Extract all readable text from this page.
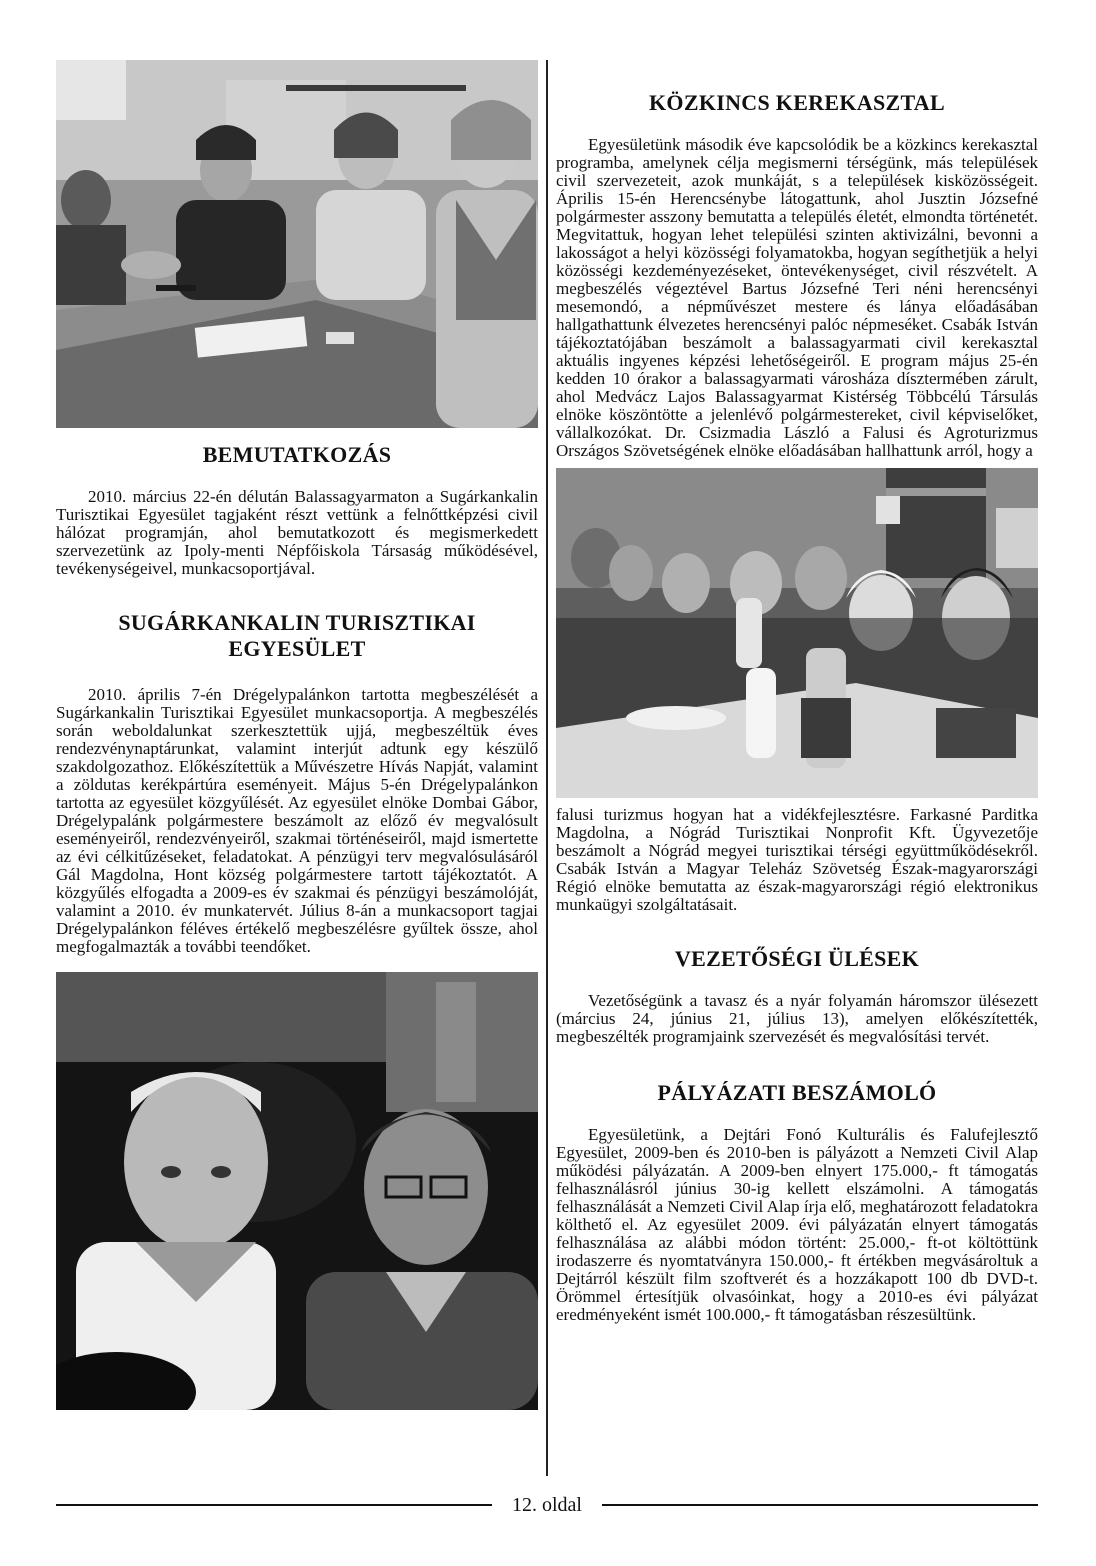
BEMUTATKOZÁS

2010. március 22-én délután Balassagyarmaton a Sugárkankalin Turisztikai Egyesület tagjaként részt vettünk a felnőttképzési civil hálózat programján, ahol bemutatkozott és megismerkedett szervezetünk az Ipoly-menti Népfőiskola Társaság működésével, tevékenységeivel, munkacsoportjával.

SUGÁRKANKALIN TURISZTIKAI
EGYESÜLET

2010. április 7-én Drégelypalánkon tartotta megbeszélését a Sugárkankalin Turisztikai Egyesület munkacsoportja. A megbeszélés során weboldalunkat szerkesztettük ujjá, megbeszéltük éves rendezvénynaptárunkat, valamint interjút adtunk egy készülő szakdolgozathoz. Előkészítettük a Művészetre Hívás Napját, valamint a zöldutas kerékpártúra eseményeit. Május 5-én Drégelypalánkon tartotta az egyesület közgyűlését. Az egyesület elnöke Dombai Gábor, Drégelypalánk polgármestere beszámolt az előző év megvalósult eseményeiről, rendezvényeiről, szakmai történéseiről, majd ismertette az évi célkitűzéseket, feladatokat. A pénzügyi terv megvalósulásáról Gál Magdolna, Hont község polgármestere tartott tájékoztatót. A közgyűlés elfogadta a 2009-es év szakmai és pénzügyi beszámolóját, valamint a 2010. év munkatervét. Július 8-án a munkacsoport tagjai Drégelypalánkon féléves értékelő megbeszélésre gyűltek össze, ahol megfogalmazták a további teendőket.

KÖZKINCS KEREKASZTAL

Egyesületünk második éve kapcsolódik be a közkincs kerekasztal programba, amelynek célja megismerni térségünk, más települések civil szervezeteit, azok munkáját, s a települések kisközösségeit. Április 15-én Herencsénybe látogattunk, ahol Jusztin Józsefné polgármester asszony bemutatta a település életét, elmondta történetét. Megvitattuk, hogyan lehet települési szinten aktivizálni, bevonni a lakosságot a helyi közösségi folyamatokba, hogyan segíthetjük a helyi közösségi kezdeményezéseket, öntevékenységet, civil részvételt. A megbeszélés végeztével Bartus Józsefné Teri néni herencsényi mesemondó, a népművészet mestere és lánya előadásában hallgathattunk élvezetes herencsényi palóc népmeséket. Csabák István tájékoztatójában beszámolt a balassagyarmati civil kerekasztal aktuális ingyenes képzési lehetőségeiről. E program május 25-én kedden 10 órakor a balassagyarmati városháza dísztermében zárult, ahol Medvácz Lajos Balassagyarmat Kistérség Többcélú Társulás elnöke köszöntötte a jelenlévő polgármestereket, civil képviselőket, vállalkozókat. Dr. Csizmadia László a Falusi és Agroturizmus Országos Szövetségének elnöke előadásában hallhattunk arról, hogy a

falusi turizmus hogyan hat a vidékfejlesztésre. Farkasné Parditka Magdolna, a Nógrád Turisztikai Nonprofit Kft. Ügyvezetője beszámolt a Nógrád megyei turisztikai térségi együttműködésekről. Csabák István a Magyar Teleház Szövetség Észak-magyarországi Régió elnöke bemutatta az észak-magyarországi régió elektronikus munkaügyi szolgáltatásait.

VEZETŐSÉGI ÜLÉSEK

Vezetőségünk a tavasz és a nyár folyamán háromszor ülésezett (március 24, június 21, július 13), amelyen előkészítették, megbeszélték programjaink szervezését és megvalósítási tervét.

PÁLYÁZATI BESZÁMOLÓ

Egyesületünk, a Dejtári Fonó Kulturális és Falufejlesztő Egyesület, 2009-ben és 2010-ben is pályázott a Nemzeti Civil Alap működési pályázatán. A 2009-ben elnyert 175.000,- ft támogatás felhasználásról június 30-ig kellett elszámolni. A támogatás felhasználását a Nemzeti Civil Alap írja elő, meghatározott feladatokra költhető el. Az egyesület 2009. évi pályázatán elnyert támogatás felhasználása az alábbi módon történt: 25.000,- ft-ot költöttünk irodaszerre és nyomtatványra 150.000,- ft értékben megvásároltuk a Dejtárról készült film szoftverét és a hozzákapott 100 db DVD-t. Örömmel értesítjük olvasóinkat, hogy a 2010-es évi pályázat eredményeként ismét 100.000,- ft támogatásban részesültünk.

12. oldal
